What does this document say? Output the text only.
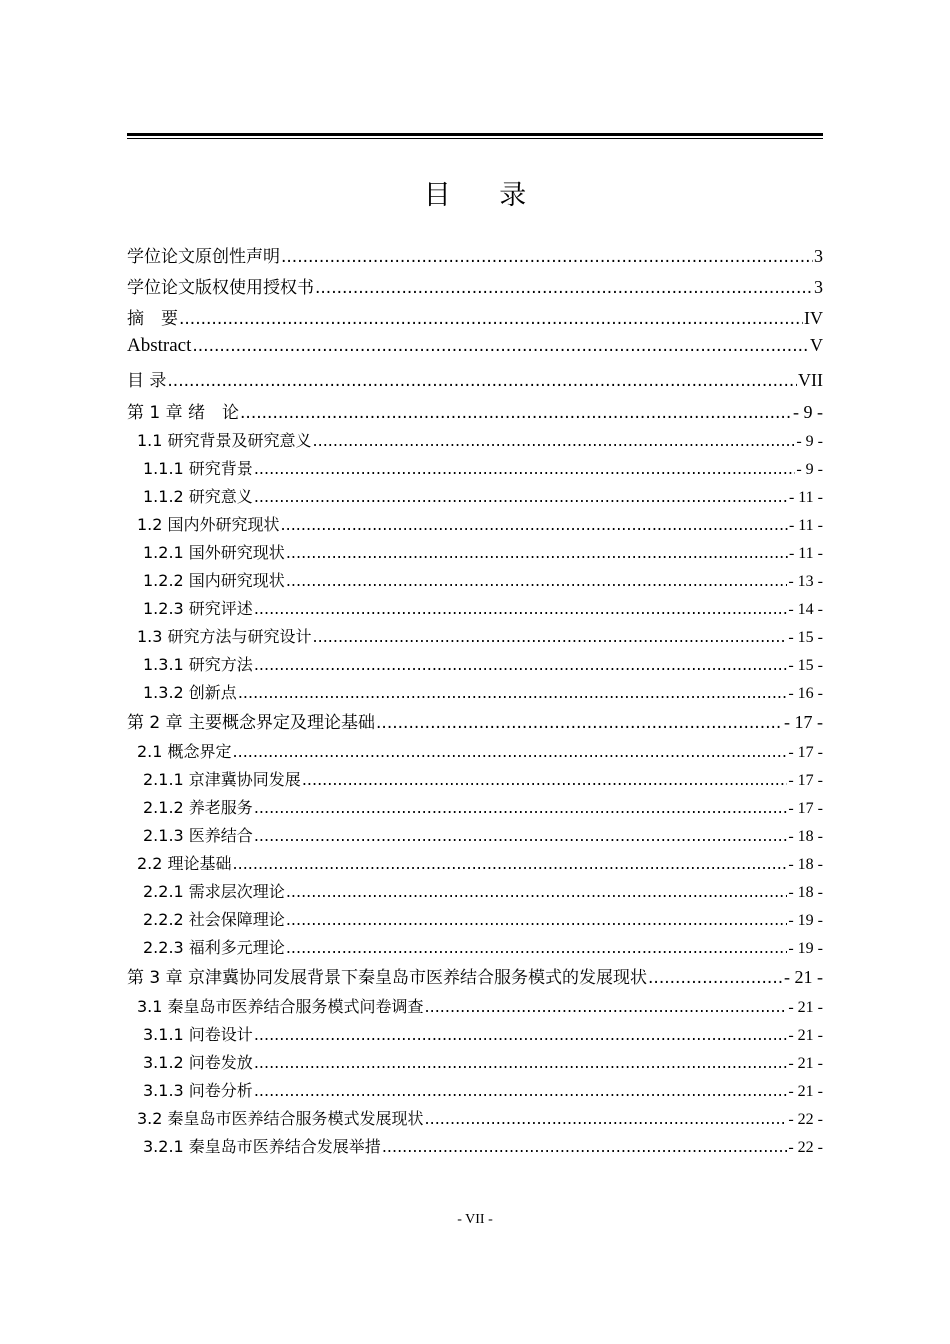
目 录
学位论文原创性声明 .....	3
学位论文版权使用授权书 .....	3
摘　要 .....	IV
Abstract .....	V
目 录 .....	VII
第 1 章 绪　论 .....	- 9 -
1.1 研究背景及研究意义 .....	- 9 -
1.1.1 研究背景 .....	- 9 -
1.1.2 研究意义 .....	- 11 -
1.2 国内外研究现状 .....	- 11 -
1.2.1 国外研究现状 .....	- 11 -
1.2.2 国内研究现状 .....	- 13 -
1.2.3 研究评述 .....	- 14 -
1.3 研究方法与研究设计 .....	- 15 -
1.3.1 研究方法 .....	- 15 -
1.3.2 创新点 .....	- 16 -
第 2 章 主要概念界定及理论基础 .....	- 17 -
2.1 概念界定 .....	- 17 -
2.1.1 京津冀协同发展 .....	- 17 -
2.1.2 养老服务 .....	- 17 -
2.1.3 医养结合 .....	- 18 -
2.2 理论基础 .....	- 18 -
2.2.1 需求层次理论 .....	- 18 -
2.2.2 社会保障理论 .....	- 19 -
2.2.3 福利多元理论 .....	- 19 -
第 3 章 京津冀协同发展背景下秦皇岛市医养结合服务模式的发展现状 .....	- 21 -
3.1 秦皇岛市医养结合服务模式问卷调查 .....	- 21 -
3.1.1 问卷设计 .....	- 21 -
3.1.2 问卷发放 .....	- 21 -
3.1.3 问卷分析 .....	- 21 -
3.2 秦皇岛市医养结合服务模式发展现状 .....	- 22 -
3.2.1 秦皇岛市医养结合发展举措 .....	- 22 -
- VII -
